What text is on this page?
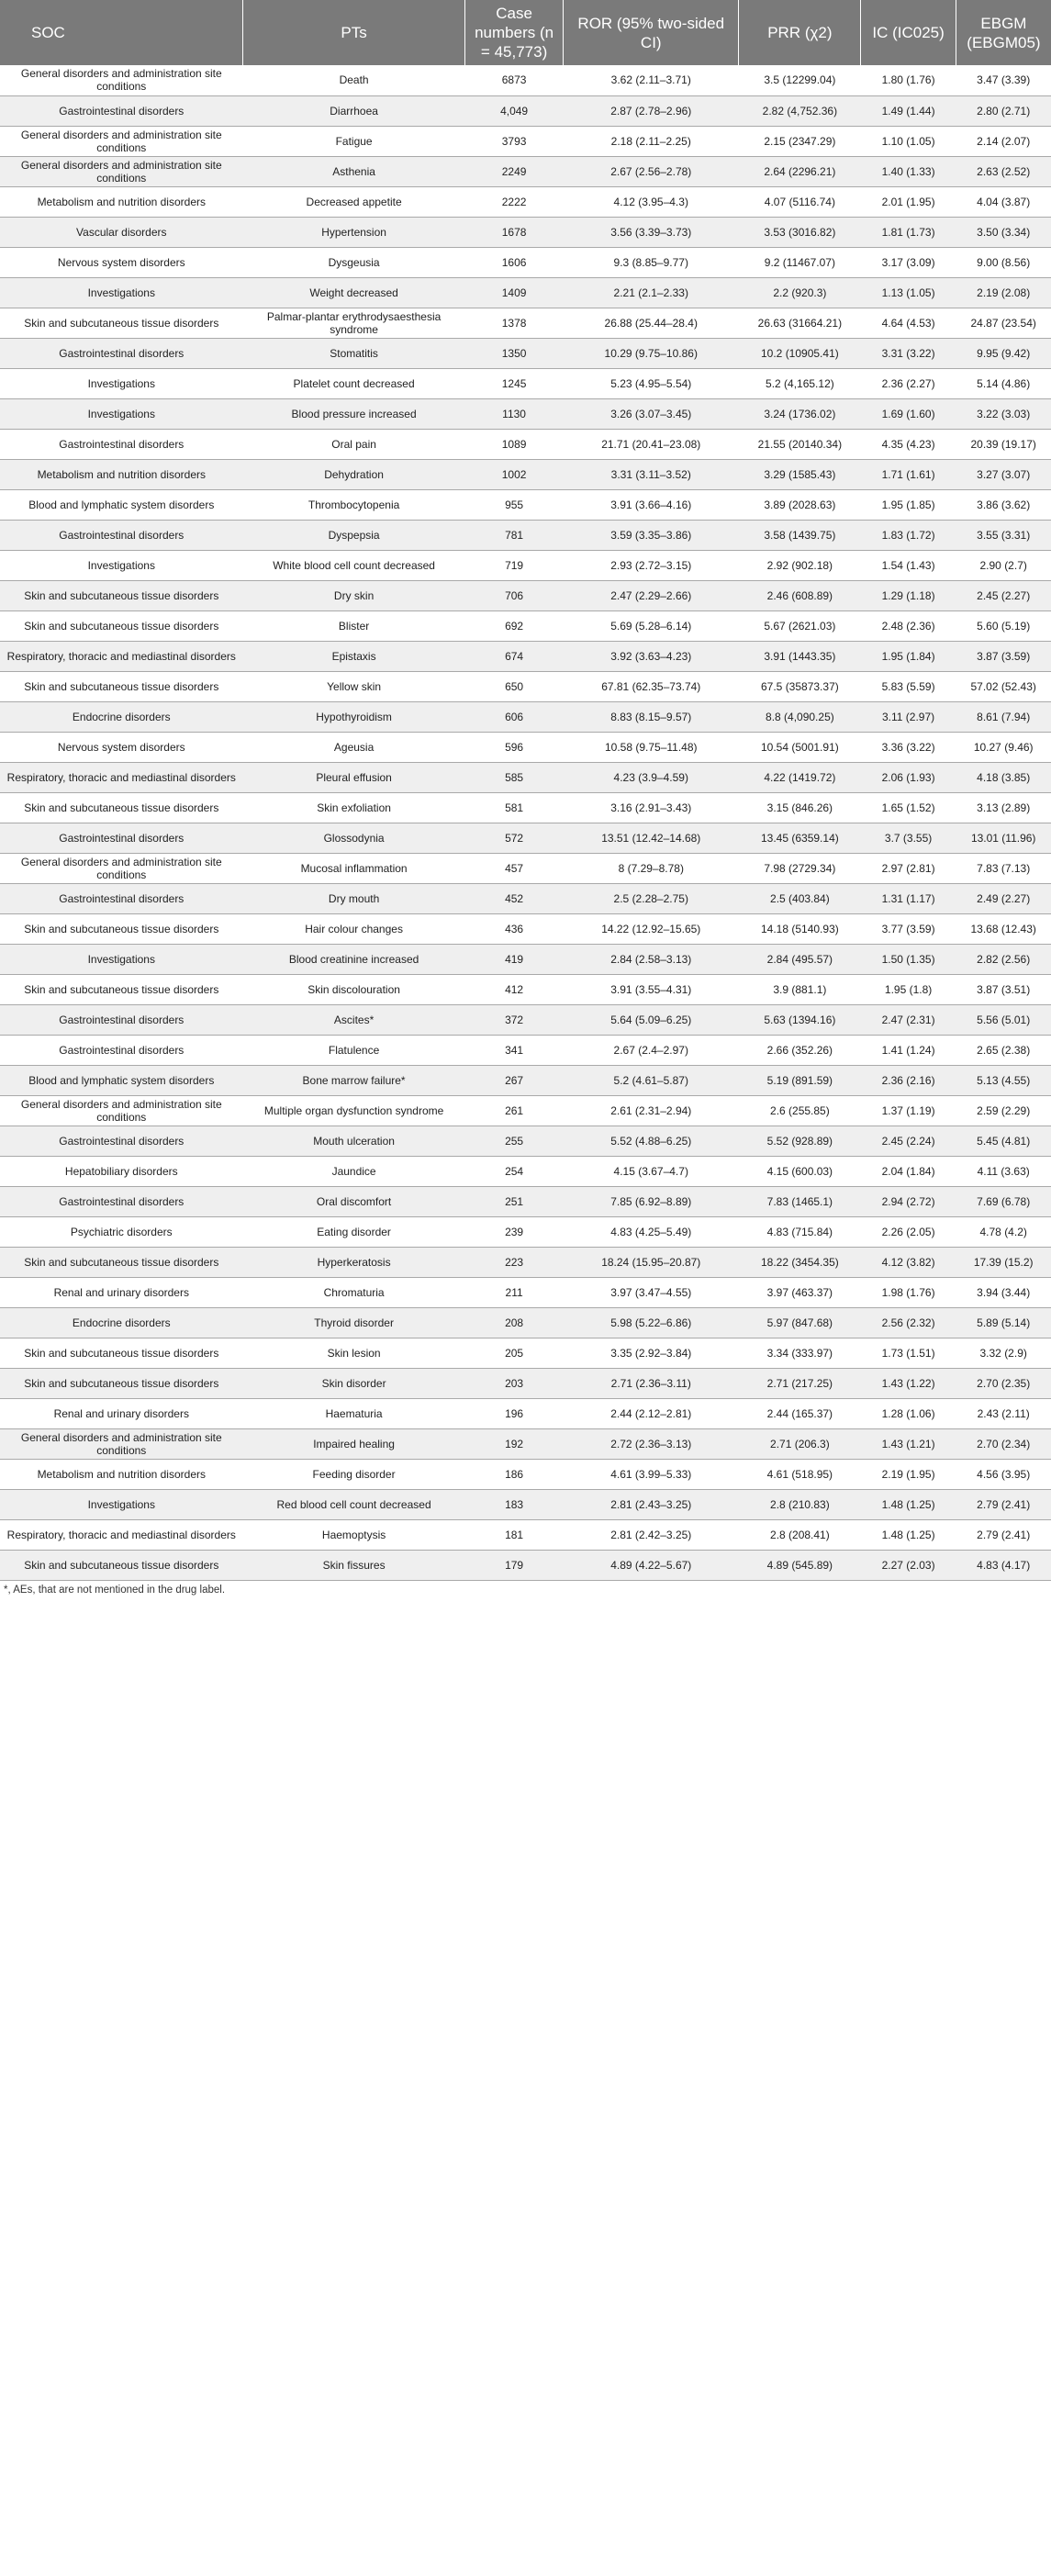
SOC	PTs	Case numbers (n = 45,773)	ROR (95% two-sided CI)	PRR (χ2)	IC (IC025)	EBGM (EBGM05)
General disorders and administration site conditions	Death	6873	3.62 (2.11–3.71)	3.5 (12299.04)	1.80 (1.76)	3.47 (3.39)
Gastrointestinal disorders	Diarrhoea	4,049	2.87 (2.78–2.96)	2.82 (4,752.36)	1.49 (1.44)	2.80 (2.71)
General disorders and administration site conditions	Fatigue	3793	2.18 (2.11–2.25)	2.15 (2347.29)	1.10 (1.05)	2.14 (2.07)
General disorders and administration site conditions	Asthenia	2249	2.67 (2.56–2.78)	2.64 (2296.21)	1.40 (1.33)	2.63 (2.52)
Metabolism and nutrition disorders	Decreased appetite	2222	4.12 (3.95–4.3)	4.07 (5116.74)	2.01 (1.95)	4.04 (3.87)
Vascular disorders	Hypertension	1678	3.56 (3.39–3.73)	3.53 (3016.82)	1.81 (1.73)	3.50 (3.34)
Nervous system disorders	Dysgeusia	1606	9.3 (8.85–9.77)	9.2 (11467.07)	3.17 (3.09)	9.00 (8.56)
Investigations	Weight decreased	1409	2.21 (2.1–2.33)	2.2 (920.3)	1.13 (1.05)	2.19 (2.08)
Skin and subcutaneous tissue disorders	Palmar-plantar erythrodysaesthesia syndrome	1378	26.88 (25.44–28.4)	26.63 (31664.21)	4.64 (4.53)	24.87 (23.54)
Gastrointestinal disorders	Stomatitis	1350	10.29 (9.75–10.86)	10.2 (10905.41)	3.31 (3.22)	9.95 (9.42)
Investigations	Platelet count decreased	1245	5.23 (4.95–5.54)	5.2 (4,165.12)	2.36 (2.27)	5.14 (4.86)
Investigations	Blood pressure increased	1130	3.26 (3.07–3.45)	3.24 (1736.02)	1.69 (1.60)	3.22 (3.03)
Gastrointestinal disorders	Oral pain	1089	21.71 (20.41–23.08)	21.55 (20140.34)	4.35 (4.23)	20.39 (19.17)
Metabolism and nutrition disorders	Dehydration	1002	3.31 (3.11–3.52)	3.29 (1585.43)	1.71 (1.61)	3.27 (3.07)
Blood and lymphatic system disorders	Thrombocytopenia	955	3.91 (3.66–4.16)	3.89 (2028.63)	1.95 (1.85)	3.86 (3.62)
Gastrointestinal disorders	Dyspepsia	781	3.59 (3.35–3.86)	3.58 (1439.75)	1.83 (1.72)	3.55 (3.31)
Investigations	White blood cell count decreased	719	2.93 (2.72–3.15)	2.92 (902.18)	1.54 (1.43)	2.90 (2.7)
Skin and subcutaneous tissue disorders	Dry skin	706	2.47 (2.29–2.66)	2.46 (608.89)	1.29 (1.18)	2.45 (2.27)
Skin and subcutaneous tissue disorders	Blister	692	5.69 (5.28–6.14)	5.67 (2621.03)	2.48 (2.36)	5.60 (5.19)
Respiratory, thoracic and mediastinal disorders	Epistaxis	674	3.92 (3.63–4.23)	3.91 (1443.35)	1.95 (1.84)	3.87 (3.59)
Skin and subcutaneous tissue disorders	Yellow skin	650	67.81 (62.35–73.74)	67.5 (35873.37)	5.83 (5.59)	57.02 (52.43)
Endocrine disorders	Hypothyroidism	606	8.83 (8.15–9.57)	8.8 (4,090.25)	3.11 (2.97)	8.61 (7.94)
Nervous system disorders	Ageusia	596	10.58 (9.75–11.48)	10.54 (5001.91)	3.36 (3.22)	10.27 (9.46)
Respiratory, thoracic and mediastinal disorders	Pleural effusion	585	4.23 (3.9–4.59)	4.22 (1419.72)	2.06 (1.93)	4.18 (3.85)
Skin and subcutaneous tissue disorders	Skin exfoliation	581	3.16 (2.91–3.43)	3.15 (846.26)	1.65 (1.52)	3.13 (2.89)
Gastrointestinal disorders	Glossodynia	572	13.51 (12.42–14.68)	13.45 (6359.14)	3.7 (3.55)	13.01 (11.96)
General disorders and administration site conditions	Mucosal inflammation	457	8 (7.29–8.78)	7.98 (2729.34)	2.97 (2.81)	7.83 (7.13)
Gastrointestinal disorders	Dry mouth	452	2.5 (2.28–2.75)	2.5 (403.84)	1.31 (1.17)	2.49 (2.27)
Skin and subcutaneous tissue disorders	Hair colour changes	436	14.22 (12.92–15.65)	14.18 (5140.93)	3.77 (3.59)	13.68 (12.43)
Investigations	Blood creatinine increased	419	2.84 (2.58–3.13)	2.84 (495.57)	1.50 (1.35)	2.82 (2.56)
Skin and subcutaneous tissue disorders	Skin discolouration	412	3.91 (3.55–4.31)	3.9 (881.1)	1.95 (1.8)	3.87 (3.51)
Gastrointestinal disorders	Ascites*	372	5.64 (5.09–6.25)	5.63 (1394.16)	2.47 (2.31)	5.56 (5.01)
Gastrointestinal disorders	Flatulence	341	2.67 (2.4–2.97)	2.66 (352.26)	1.41 (1.24)	2.65 (2.38)
Blood and lymphatic system disorders	Bone marrow failure*	267	5.2 (4.61–5.87)	5.19 (891.59)	2.36 (2.16)	5.13 (4.55)
General disorders and administration site conditions	Multiple organ dysfunction syndrome	261	2.61 (2.31–2.94)	2.6 (255.85)	1.37 (1.19)	2.59 (2.29)
Gastrointestinal disorders	Mouth ulceration	255	5.52 (4.88–6.25)	5.52 (928.89)	2.45 (2.24)	5.45 (4.81)
Hepatobiliary disorders	Jaundice	254	4.15 (3.67–4.7)	4.15 (600.03)	2.04 (1.84)	4.11 (3.63)
Gastrointestinal disorders	Oral discomfort	251	7.85 (6.92–8.89)	7.83 (1465.1)	2.94 (2.72)	7.69 (6.78)
Psychiatric disorders	Eating disorder	239	4.83 (4.25–5.49)	4.83 (715.84)	2.26 (2.05)	4.78 (4.2)
Skin and subcutaneous tissue disorders	Hyperkeratosis	223	18.24 (15.95–20.87)	18.22 (3454.35)	4.12 (3.82)	17.39 (15.2)
Renal and urinary disorders	Chromaturia	211	3.97 (3.47–4.55)	3.97 (463.37)	1.98 (1.76)	3.94 (3.44)
Endocrine disorders	Thyroid disorder	208	5.98 (5.22–6.86)	5.97 (847.68)	2.56 (2.32)	5.89 (5.14)
Skin and subcutaneous tissue disorders	Skin lesion	205	3.35 (2.92–3.84)	3.34 (333.97)	1.73 (1.51)	3.32 (2.9)
Skin and subcutaneous tissue disorders	Skin disorder	203	2.71 (2.36–3.11)	2.71 (217.25)	1.43 (1.22)	2.70 (2.35)
Renal and urinary disorders	Haematuria	196	2.44 (2.12–2.81)	2.44 (165.37)	1.28 (1.06)	2.43 (2.11)
General disorders and administration site conditions	Impaired healing	192	2.72 (2.36–3.13)	2.71 (206.3)	1.43 (1.21)	2.70 (2.34)
Metabolism and nutrition disorders	Feeding disorder	186	4.61 (3.99–5.33)	4.61 (518.95)	2.19 (1.95)	4.56 (3.95)
Investigations	Red blood cell count decreased	183	2.81 (2.43–3.25)	2.8 (210.83)	1.48 (1.25)	2.79 (2.41)
Respiratory, thoracic and mediastinal disorders	Haemoptysis	181	2.81 (2.42–3.25)	2.8 (208.41)	1.48 (1.25)	2.79 (2.41)
Skin and subcutaneous tissue disorders	Skin fissures	179	4.89 (4.22–5.67)	4.89 (545.89)	2.27 (2.03)	4.83 (4.17)
*, AEs, that are not mentioned in the drug label.
